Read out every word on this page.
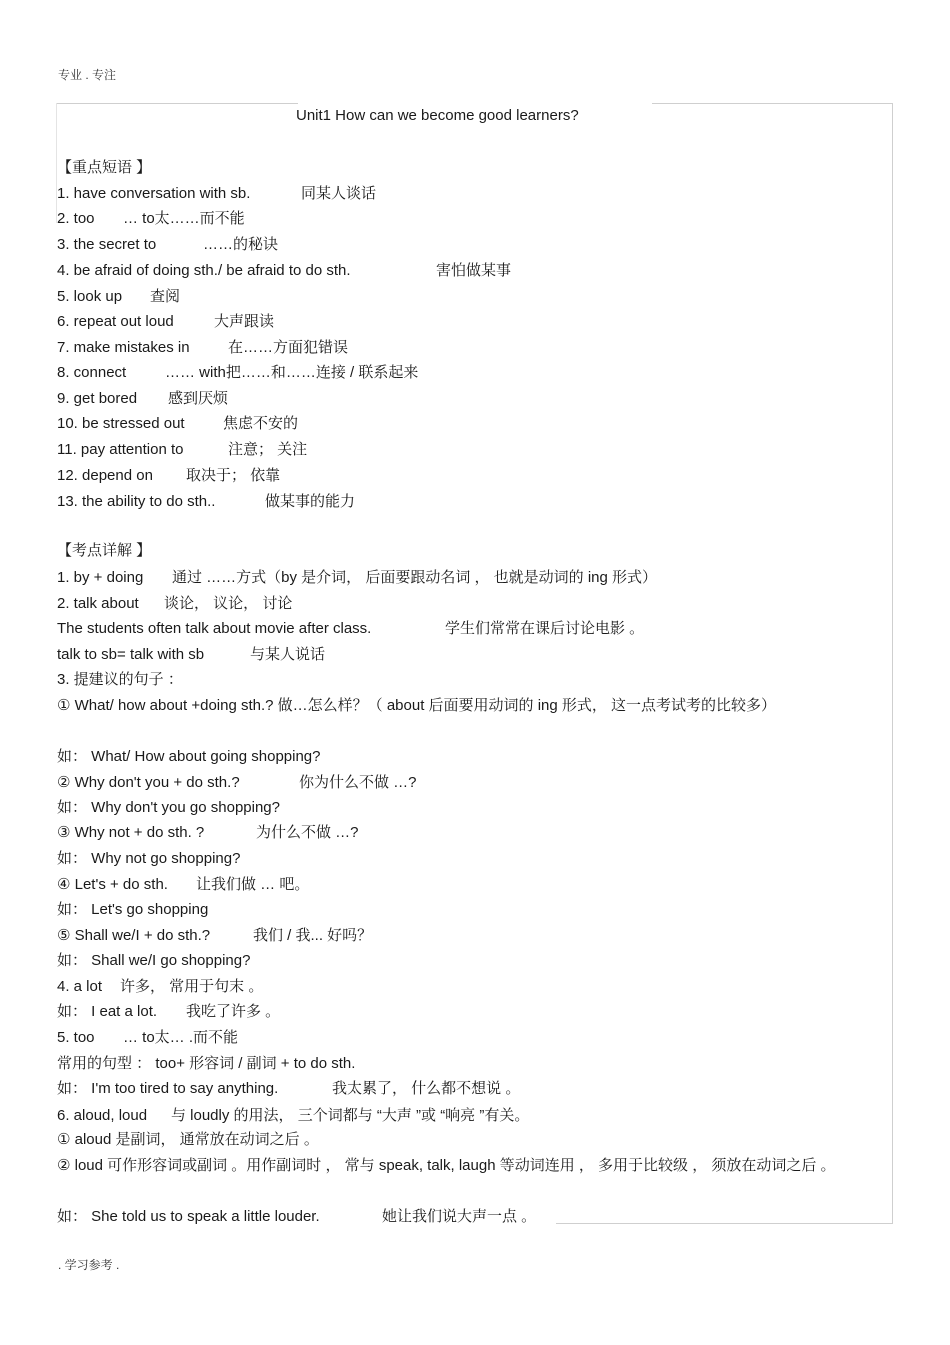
专业 . 专注
Unit1 How can we become good learners?
【重点短语 】
1. have conversation with sb.	同某人谈话
2. too … to太……而不能
3. the secret to	……的秘诀
4. be afraid of doing sth./ be afraid to do sth.	害怕做某事
5. look up 查阅
6. repeat out loud	大声跟读
7. make mistakes in	在……方面犯错误
8. connect	…… with把……和……连接 / 联系起来
9. get bored 感到厌烦
10. be stressed out	焦虑不安的
11. pay attention to	注意； 关注
12. depend on 取决于； 依靠
13. the ability to do sth..	做某事的能力
【考点详解 】
1. by + doing 通过 ……方式（by 是介词， 后面要跟动名词 ， 也就是动词的 ing 形式）
2. talk about 谈论， 议论， 讨论
The students often talk about movie after class.	学生们常常在课后讨论电影 。
talk to sb= talk with sb	与某人说话
3. 提建议的句子 ：
① What/ how about +doing sth.? 做…怎么样？（ about 后面要用动词的 ing 形式， 这一点考试考的比较多）
如： What/ How about going shopping?
② Why don't you + do sth.?	你为什么不做 …?
如： Why don't you go shopping?
③ Why not + do sth. ?	为什么不做 …?
如： Why not go shopping?
④ Let's + do sth. 让我们做 … 吧。
如： Let's go shopping
⑤ Shall we/I + do sth.?	我们 / 我... 好吗？
如： Shall we/I go shopping?
4. a lot 许多， 常用于句末 。
如： I eat a lot. 我吃了许多 。
5. too … to太… .而不能
常用的句型 ： too+ 形容词 / 副词 + to do sth.
如： I'm too tired to say anything.	我太累了， 什么都不想说 。
6. aloud, loud 与 loudly 的用法， 三个词都与 “大声 ”或 “响亮 ”有关。
① aloud 是副词， 通常放在动词之后 。
② loud 可作形容词或副词 。用作副词时 ， 常与 speak, talk, laugh 等动词连用 ， 多用于比较级 ， 须放在动词之后 。
如： She told us to speak a little louder.	她让我们说大声一点 。
. 学习参考 .
